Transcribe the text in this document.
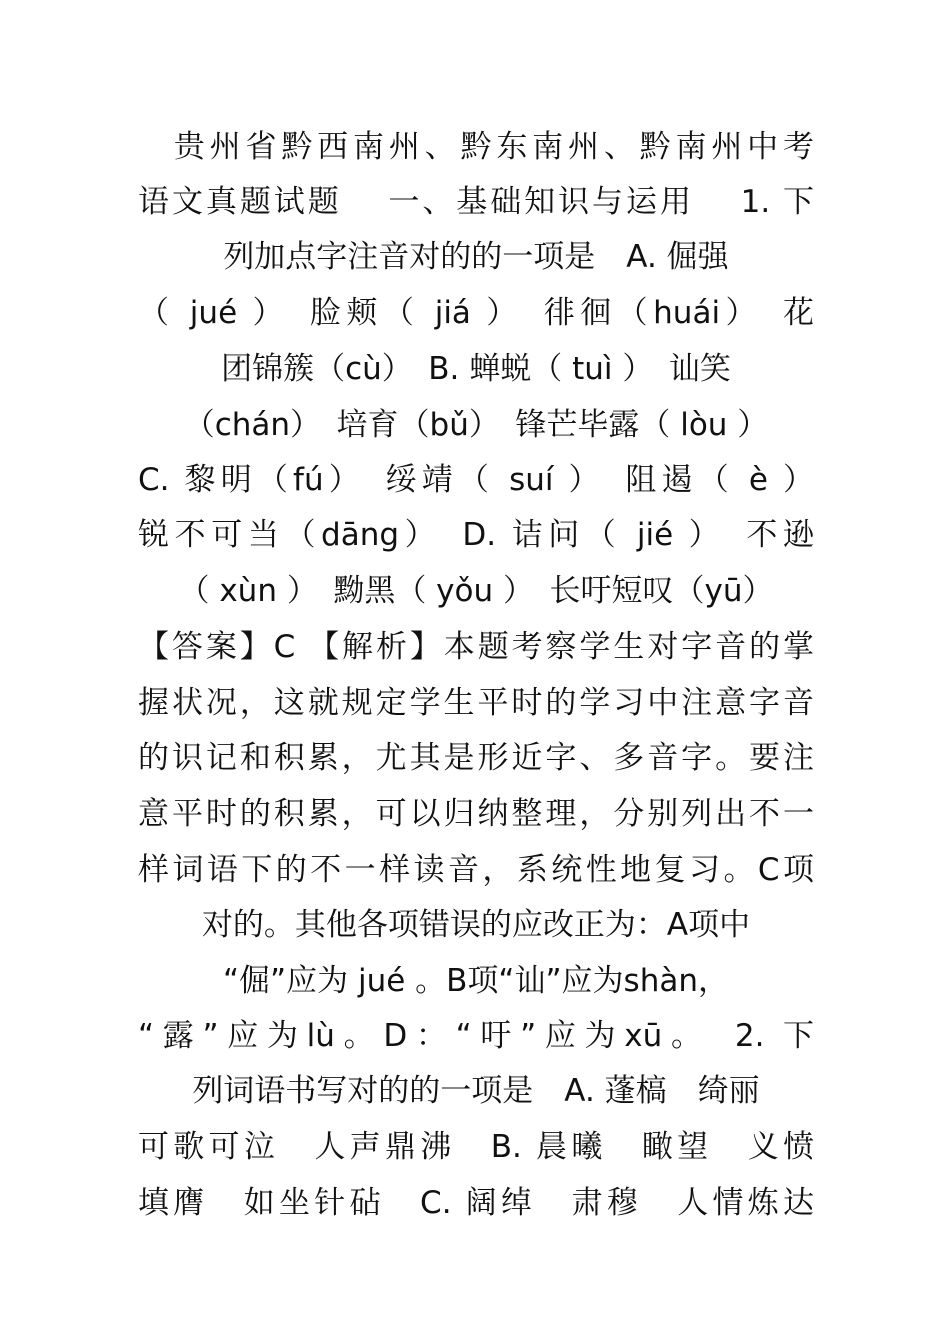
　贵州省黔西南州、黔东南州、黔南州中考
语文真题试题　 一、基础知识与运用　 1. 下
列加点字注音对的的一项是　A. 倔强
（ jué ）　脸颊（ jiá ）　徘徊（huái）　花
团锦簇（cù）　B. 蝉蜕（ tuì ）　讪笑
（chán）　培育（bǔ）　锋芒毕露（ lòu ）
C. 黎明（fú）　绥靖（ suí ）　阻遏（ è ）
锐不可当（dāng）　D. 诘问（ jié ）　不逊
（ xùn ）　黝黑（ yǒu ）　长吁短叹（yū）
【答案】C 【解析】本题考察学生对字音的掌
握状况，这就规定学生平时的学习中注意字音
的识记和积累，尤其是形近字、多音字。要注
意平时的积累，可以归纳整理，分别列出不一
样词语下的不一样读音，系统性地复习。C项
对的。其他各项错误的应改正为：A项中
“倔”应为 jué 。B项“讪”应为shàn，
“露”应为lù。D：“吁”应为xū。　2. 下
列词语书写对的的一项是　A. 蓬槁　绮丽
可歌可泣　人声鼎沸　B. 晨曦　瞰望　义愤
填膺　如坐针砧　C. 阔绰　肃穆　人情炼达
